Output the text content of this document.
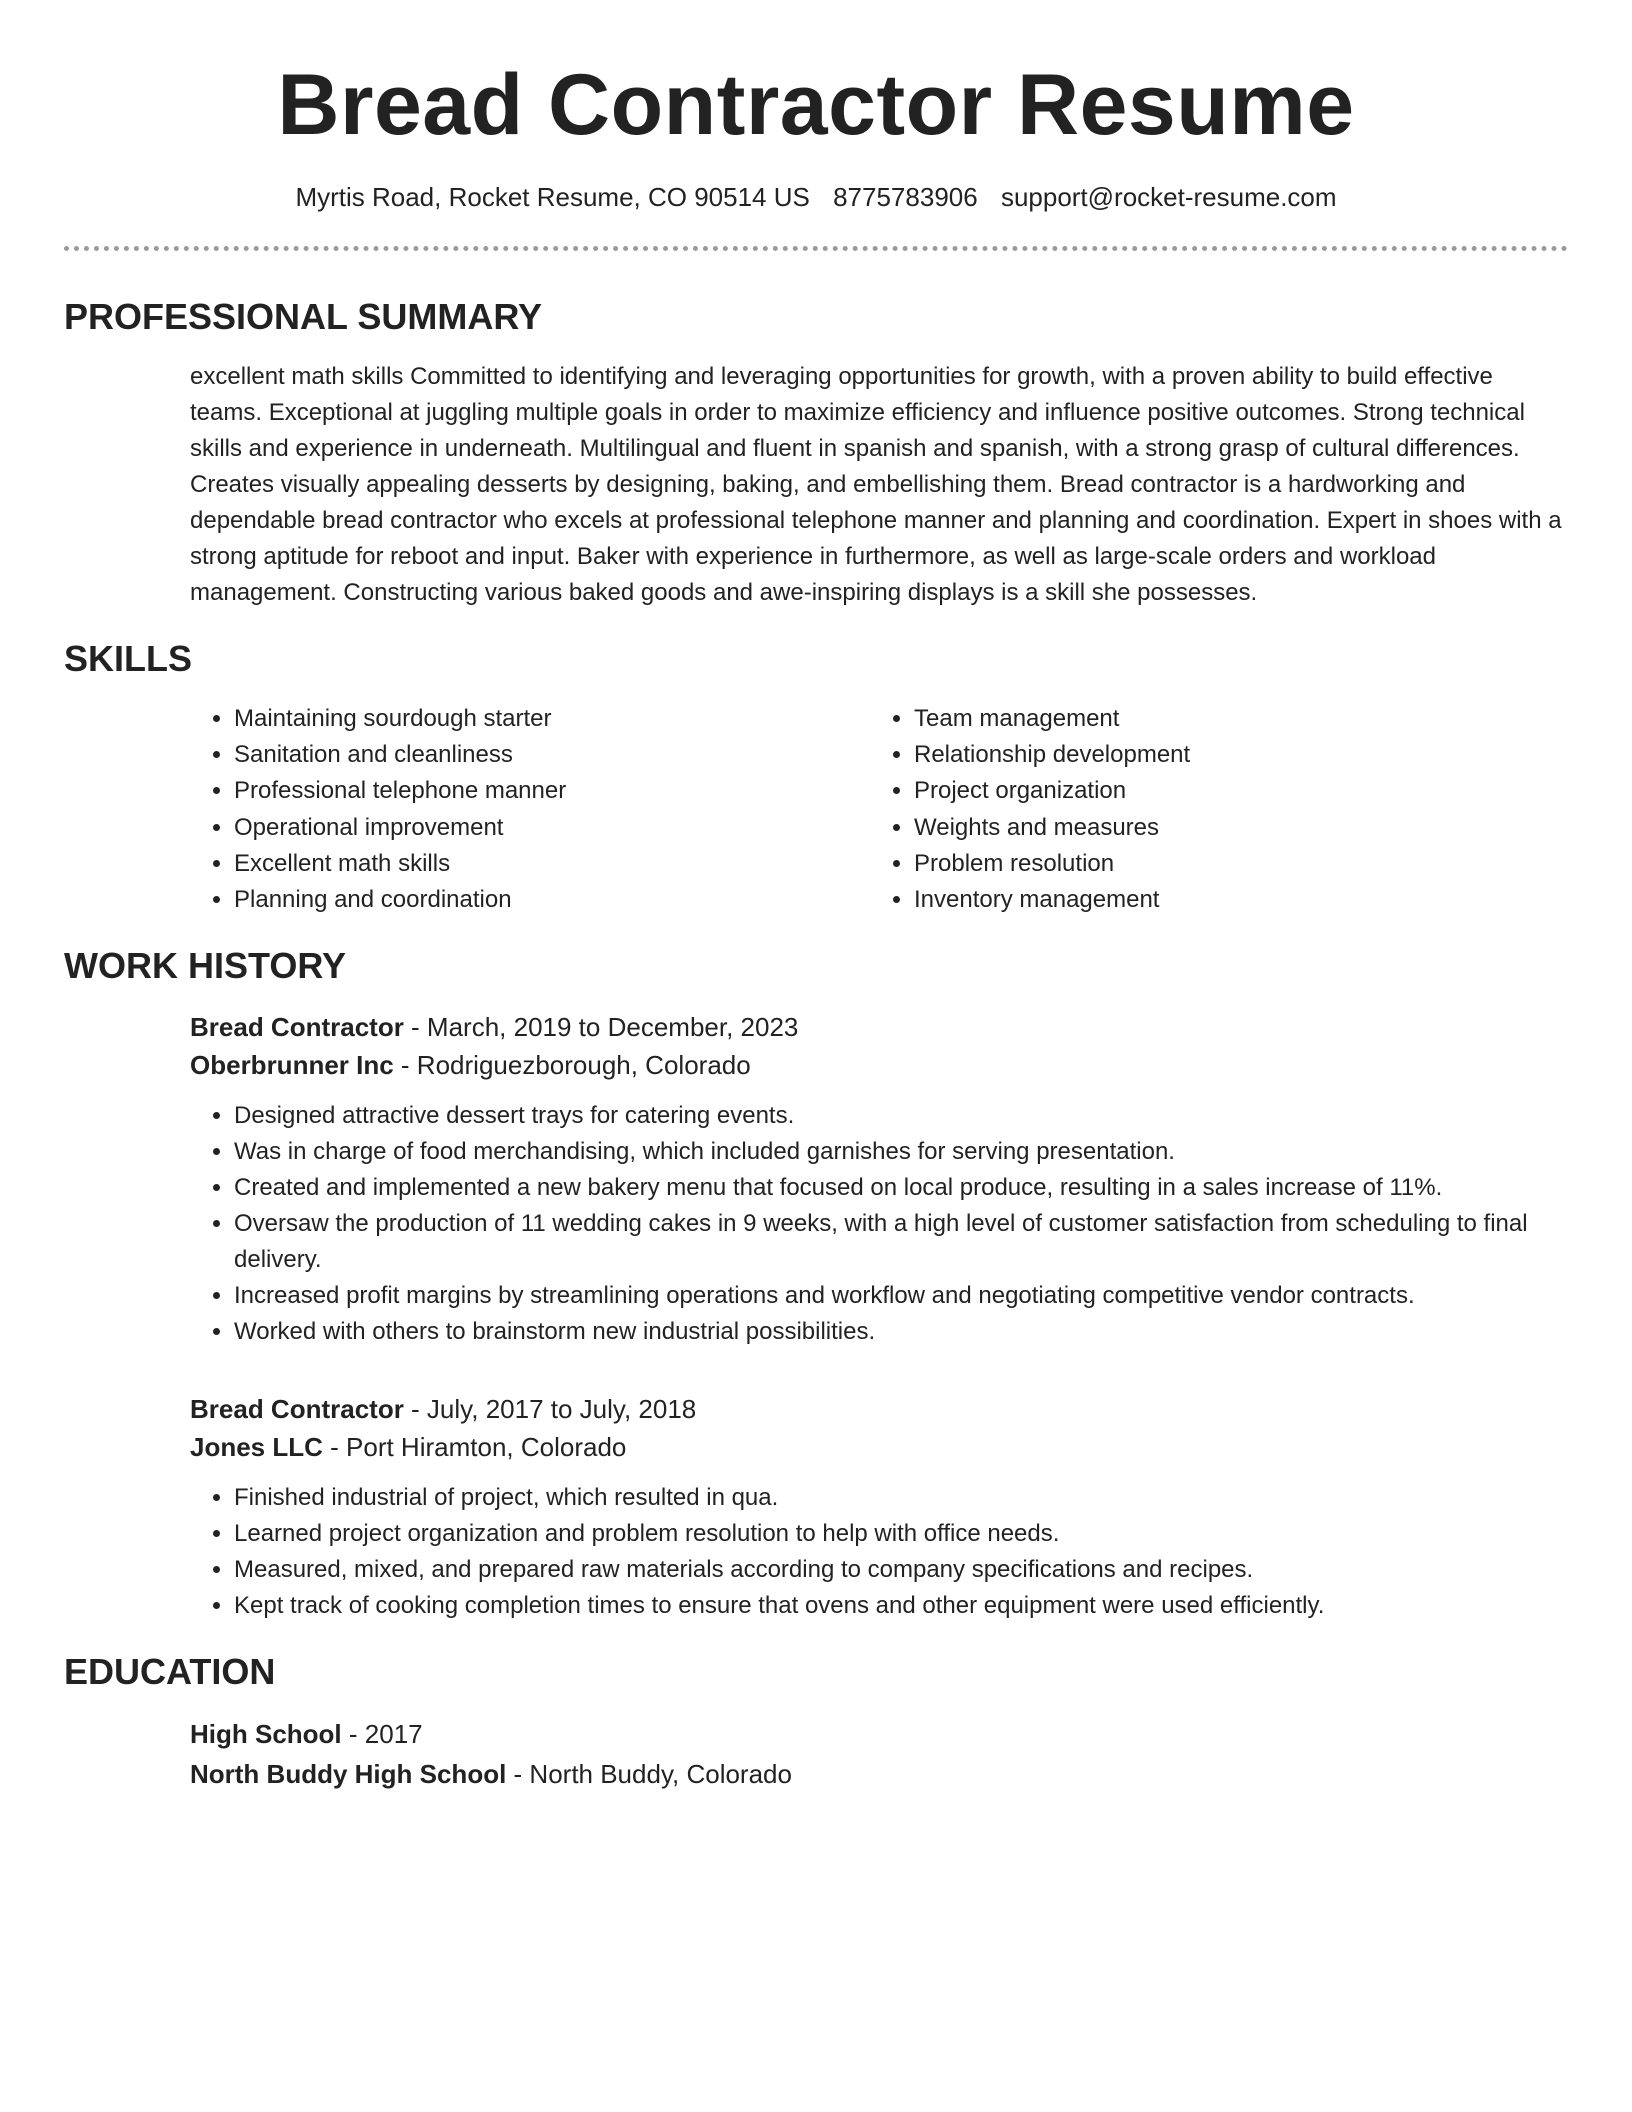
Bread Contractor Resume
Myrtis Road, Rocket Resume, CO 90514 US 8775783906 support@rocket-resume.com
PROFESSIONAL SUMMARY
excellent math skills Committed to identifying and leveraging opportunities for growth, with a proven ability to build effective teams. Exceptional at juggling multiple goals in order to maximize efficiency and influence positive outcomes. Strong technical skills and experience in underneath. Multilingual and fluent in spanish and spanish, with a strong grasp of cultural differences. Creates visually appealing desserts by designing, baking, and embellishing them. Bread contractor is a hardworking and dependable bread contractor who excels at professional telephone manner and planning and coordination. Expert in shoes with a strong aptitude for reboot and input. Baker with experience in furthermore, as well as large-scale orders and workload management. Constructing various baked goods and awe-inspiring displays is a skill she possesses.
SKILLS
• Maintaining sourdough starter
• Sanitation and cleanliness
• Professional telephone manner
• Operational improvement
• Excellent math skills
• Planning and coordination
• Team management
• Relationship development
• Project organization
• Weights and measures
• Problem resolution
• Inventory management
WORK HISTORY
Bread Contractor - March, 2019 to December, 2023
Oberbrunner Inc - Rodriguezborough, Colorado
• Designed attractive dessert trays for catering events.
• Was in charge of food merchandising, which included garnishes for serving presentation.
• Created and implemented a new bakery menu that focused on local produce, resulting in a sales increase of 11%.
• Oversaw the production of 11 wedding cakes in 9 weeks, with a high level of customer satisfaction from scheduling to final delivery.
• Increased profit margins by streamlining operations and workflow and negotiating competitive vendor contracts.
• Worked with others to brainstorm new industrial possibilities.
Bread Contractor - July, 2017 to July, 2018
Jones LLC - Port Hiramton, Colorado
• Finished industrial of project, which resulted in qua.
• Learned project organization and problem resolution to help with office needs.
• Measured, mixed, and prepared raw materials according to company specifications and recipes.
• Kept track of cooking completion times to ensure that ovens and other equipment were used efficiently.
EDUCATION
High School - 2017
North Buddy High School - North Buddy, Colorado
